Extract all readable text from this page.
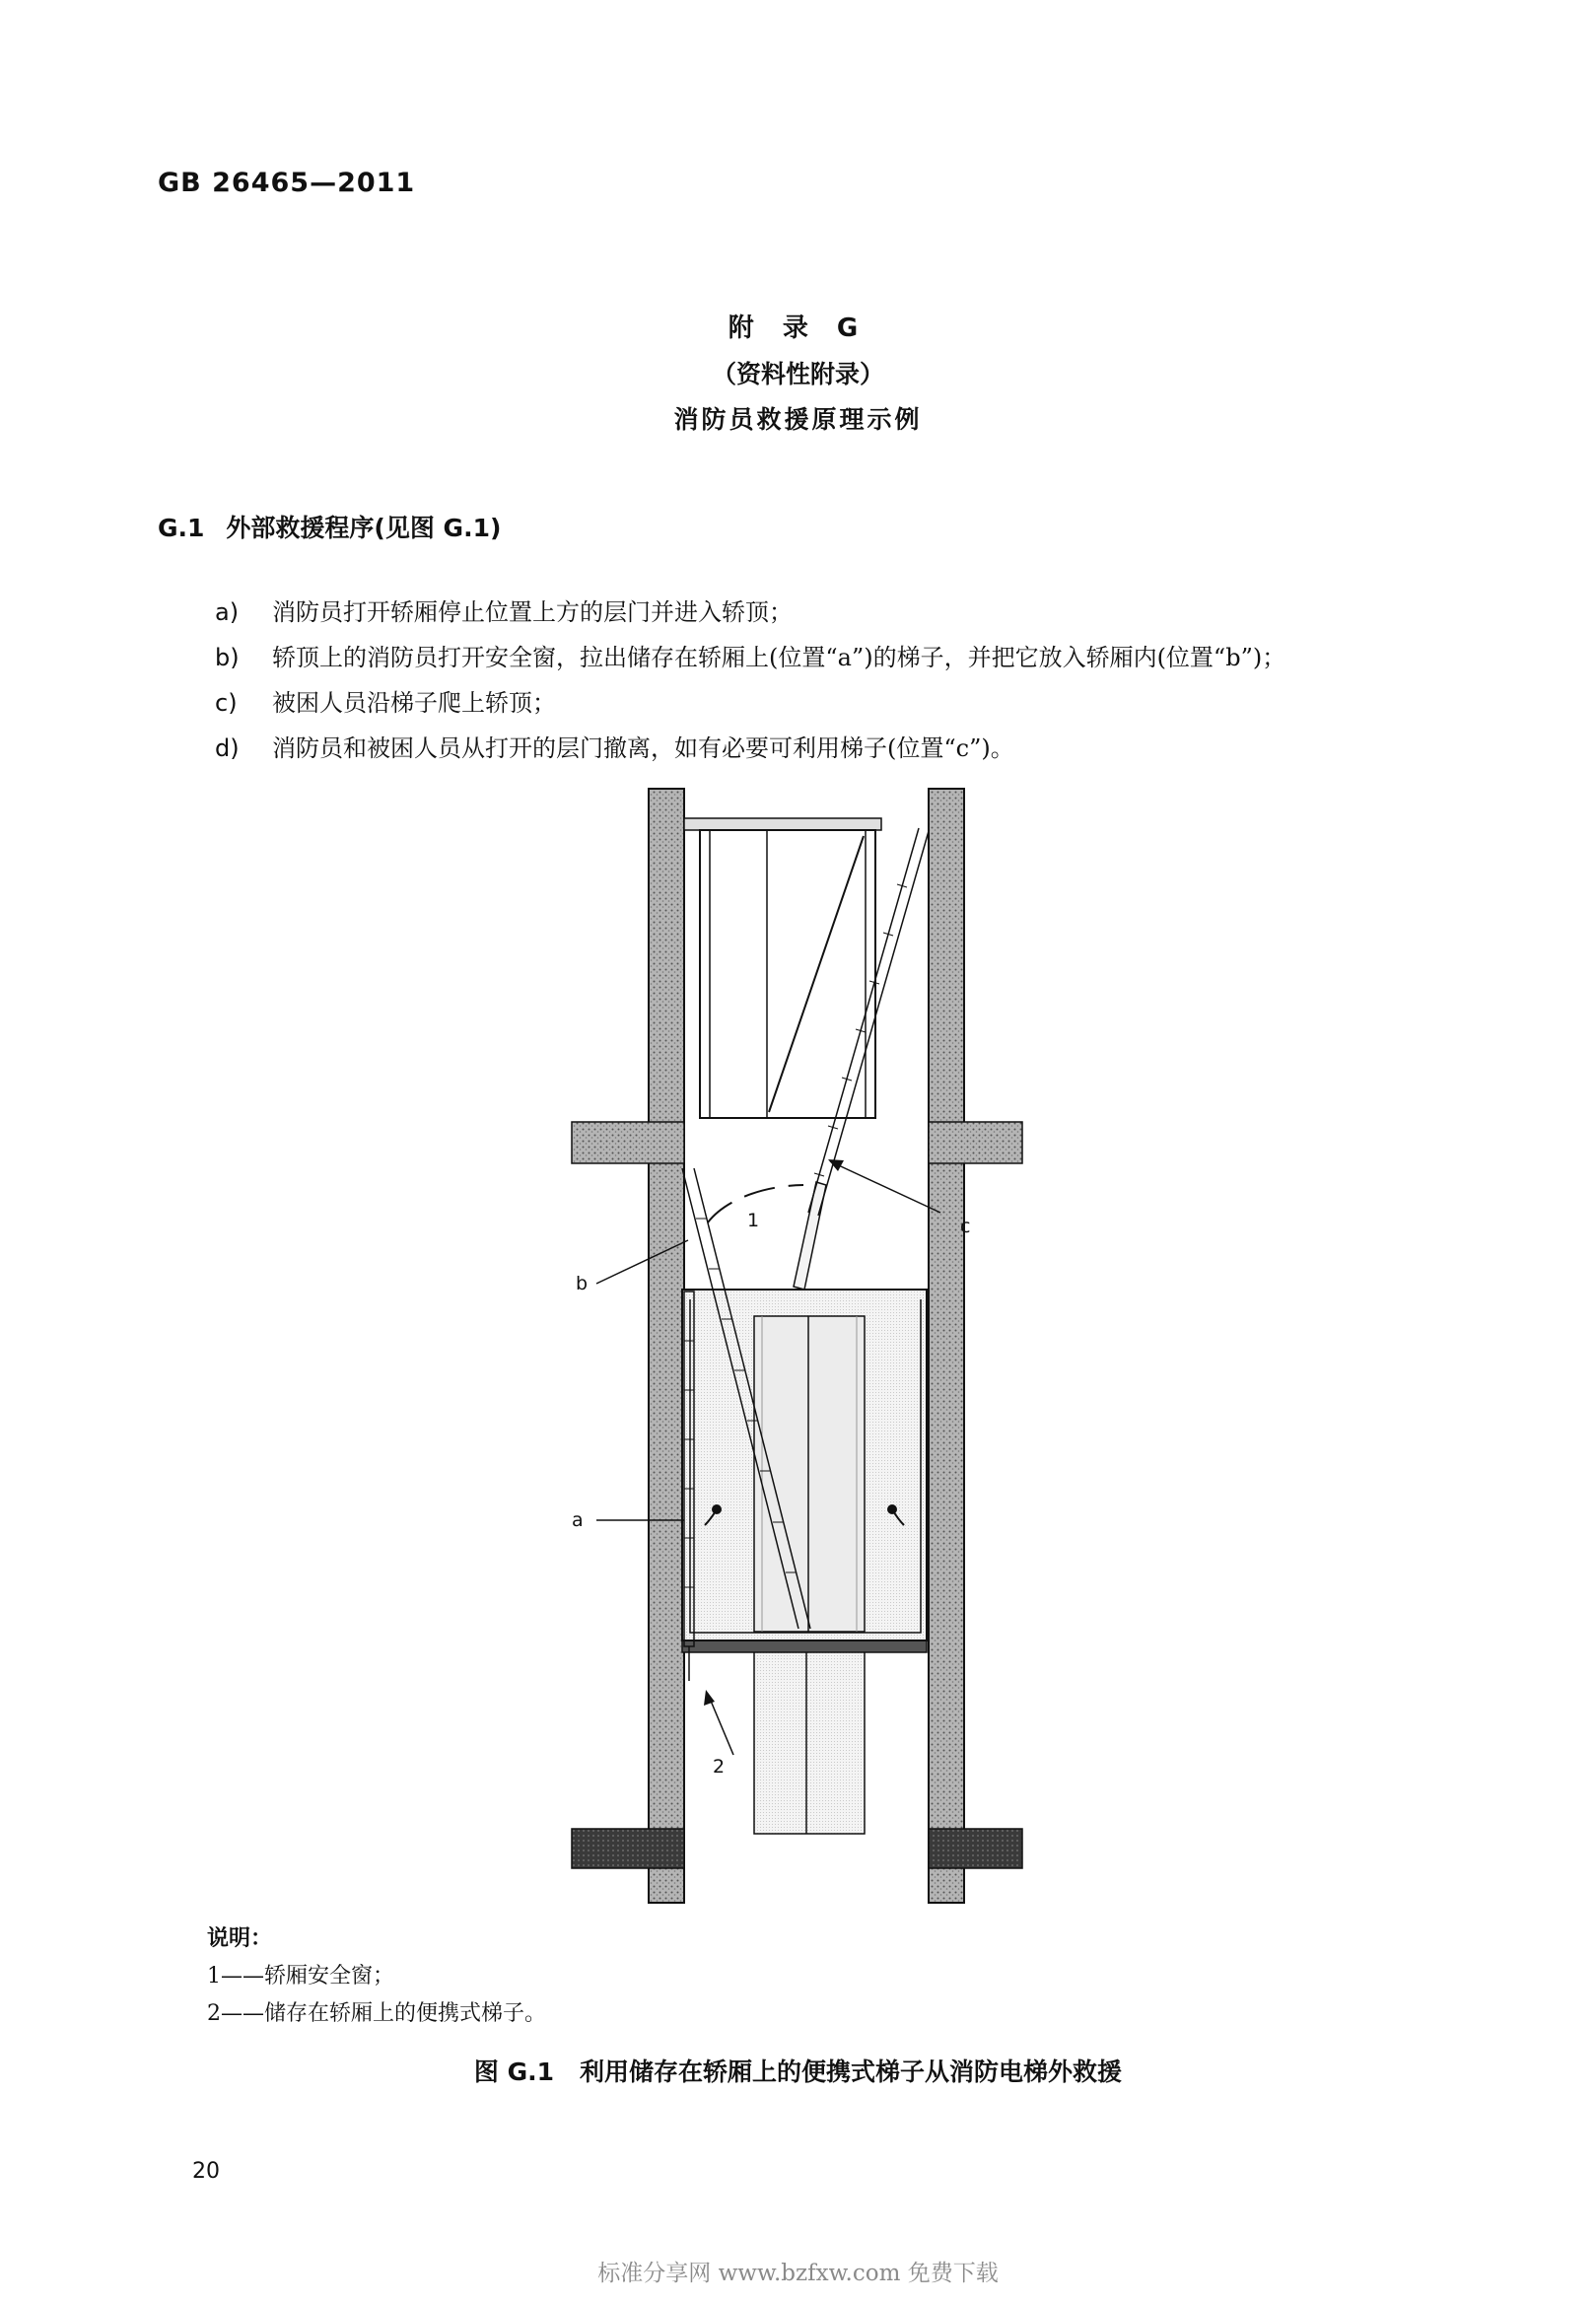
GB 26465—2011
附 录 G
（资料性附录）
消防员救援原理示例
G.1 外部救援程序(见图 G.1)
a) 消防员打开轿厢停止位置上方的层门并进入轿顶；
b) 轿顶上的消防员打开安全窗，拉出储存在轿厢上(位置“a”)的梯子，并把它放入轿厢内(位置“b”)；
c) 被困人员沿梯子爬上轿顶；
d) 消防员和被困人员从打开的层门撤离，如有必要可利用梯子(位置“c”)。
1
b
c
a
2
说明：
1——轿厢安全窗；
2——储存在轿厢上的便携式梯子。
图 G.1 利用储存在轿厢上的便携式梯子从消防电梯外救援
20
标准分享网 www.bzfxw.com 免费下载
